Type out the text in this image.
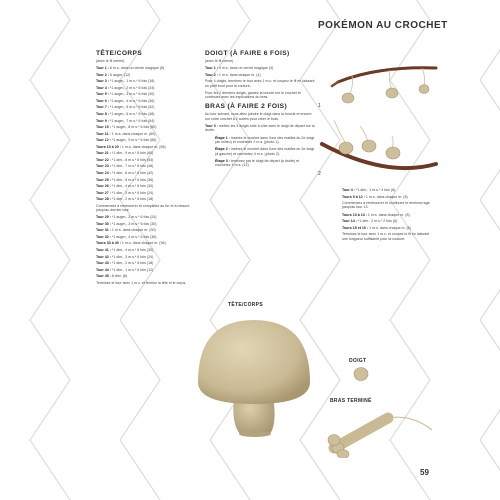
POKÉMON AU CROCHET
TÊTE/CORPS
(avec le fil crème)
Tour 1 : 6 m.s. dans un cercle magique (6)
Tour 2 : 6 augm. (12)
Tour 3 : *1 augm., 1 m.s.* 6 fois (18)
Tour 4 : *1 augm., 2 m.s.* 6 fois (24)
Tour 5 : *1 augm., 3 m.s.* 6 fois (30)
Tour 6 : *1 augm., 4 m.s.* 6 fois (36)
Tour 7 : *1 augm., 5 m.s.* 6 fois (42)
Tour 8 : *1 augm., 6 m.s.* 6 fois (48)
Tour 9 : *1 augm., 7 m.s.* 6 fois (54)
Tour 10 : *1 augm., 8 m.s.* 6 fois (60)
Tour 11 : 1 m.s. dans chaque m. (60)
Tour 12 : *1 augm., 9 m.s.* 6 fois (66)
Tours 13 à 20 : 1 m.s. dans chaque m. (66)
Tour 21 : *1 dim., 9 m.s.* 6 fois (60)
Tour 22 : *1 dim., 8 m.s.* 6 fois (54)
Tour 23 : *1 dim., 7 m.s.* 6 fois (48)
Tour 24 : *1 dim., 6 m.s.* 6 fois (42)
Tour 25 : *1 dim., 5 m.s.* 6 fois (36)
Tour 26 : *1 dim., 4 m.s.* 6 fois (30)
Tour 27 : *1 dim., 3 m.s.* 6 fois (24)
Tour 28 : *1 dim., 2 m.s.* 6 fois (18)
Commencez à rembourrer et complétez au fur et à mesure jusqu'au dernier tour.
Tour 29 : *1 augm., 2 m.s.* 6 fois (24)
Tour 30 : *1 augm., 3 m.s.* 6 fois (30)
Tour 31 : 1 m.s. dans chaque m. (30)
Tour 32 : *1 augm., 4 m.s.* 6 fois (36)
Tours 33 à 40 : 1 m.s. dans chaque m. (36)
Tour 41 : *1 dim., 4 m.s.* 6 fois (30)
Tour 42 : *1 dim., 3 m.s.* 6 fois (24)
Tour 43 : *1 dim., 2 m.s.* 6 fois (18)
Tour 44 : *1 dim., 1 m.s.* 6 fois (12)
Tour 45 : 6 dim. (6)
Terminez le tour avec 1 m.c. et fermez la tête et le corps.
DOIGT (À FAIRE 6 FOIS)
(avec le fil crème)
Tour 1 : 4 m.s. dans un cercle magique (4)
Tour 2 : 1 m.s. dans chaque m. (4)
Pour 4 doigts, terminez le tour avec 1 m.c. et coupez le fil en laissant un petit bout pour la couture.
Pour les 2 derniers doigts, gardez la boucle sur le crochet et continuez avec les explications du bras.
BRAS (À FAIRE 2 FOIS)
Au tour suivant, vous allez joindre le doigt dans la boucle et encore sur votre crochet à 2 autres pour créer le bras.
Tour 3 : mettez les 3 doigts côte à côte avec le doigt de départ sur la droite.
Étape 1 : insérez le crochet dans l'une des mailles du 2e doigt (au milieu) et crochetez 2 m.s. (photo 1).
Étape 2 : insérez le crochet dans l'une des mailles du 3e doigt (à gauche) et crochetez 4 m.s. (photo 2).
Étape 3 : terminez par le doigt de départ (à droite) et crochetez 4 m.s. (12)
Tour 4 : *1 dim., 1 m.s.* 4 fois (8)
Tours 5 à 12 : 1 m.s. dans chaque m. (8)
Commencez à rembourrer et continuez le rembourrage jusqu'au tour 13.
Tours 13 à 13 : 1 m.s. dans chaque m. (8)
Tour 14 : *1 dim., 2 m.s.* 2 fois (6)
Tours 15 et 16 : 1 m.s. dans chaque m. (6)
Terminez le tour avec 1 m.c. et coupez le fil en laissant une longueur suffisante pour la couture.
1
2
TÊTE/CORPS
DOIGT
BRAS TERMINÉ
59
